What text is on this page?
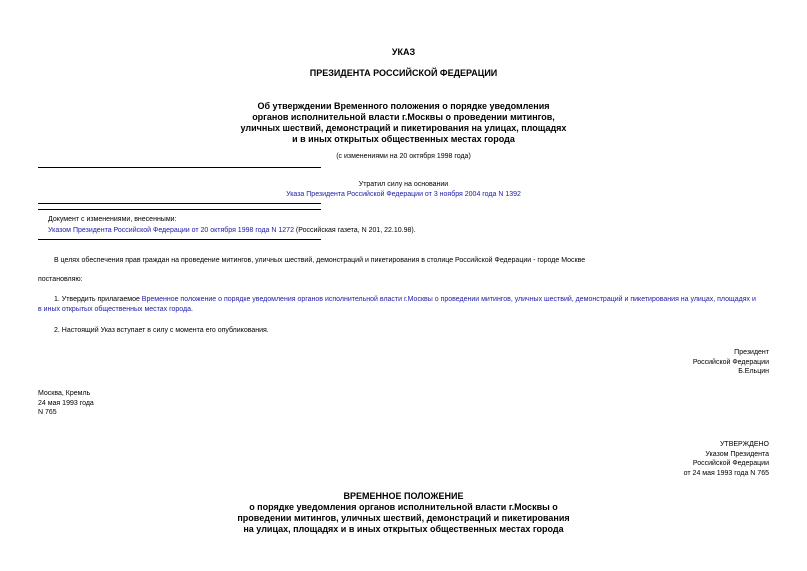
УКАЗ
ПРЕЗИДЕНТА РОССИЙСКОЙ ФЕДЕРАЦИИ
Об утверждении Временного положения о порядке уведомления
органов исполнительной власти г.Москвы о проведении митингов,
уличных шествий, демонстраций и пикетирования на улицах, площадях
и в иных открытых общественных местах города
(с изменениями на 20 октября 1998 года)
Утратил силу на основании
Указа Президента Российской Федерации от 3 ноября 2004 года N 1392
Документ с изменениями, внесенными:
Указом Президента Российской Федерации от 20 октября 1998 года N 1272 (Российская газета, N 201, 22.10.98).
В целях обеспечения прав граждан на проведение митингов, уличных шествий, демонстраций и пикетирования в столице Российской Федерации - городе Москве
постановляю:
1. Утвердить прилагаемое Временное положение о порядке уведомления органов исполнительной власти г.Москвы о проведении митингов, уличных шествий, демонстраций и пикетирования на улицах, площадях и
в иных открытых общественных местах города.
2. Настоящий Указ вступает в силу с момента его опубликования.
Президент
Российской Федерации
Б.Ельцин
Москва, Кремль
24 мая 1993 года
N 765
УТВЕРЖДЕНО
Указом Президента
Российской Федерации
от 24 мая 1993 года N 765
ВРЕМЕННОЕ ПОЛОЖЕНИЕ
о порядке уведомления органов исполнительной власти г.Москвы о
проведении митингов, уличных шествий, демонстраций и пикетирования
на улицах, площадях и в иных открытых общественных местах города
